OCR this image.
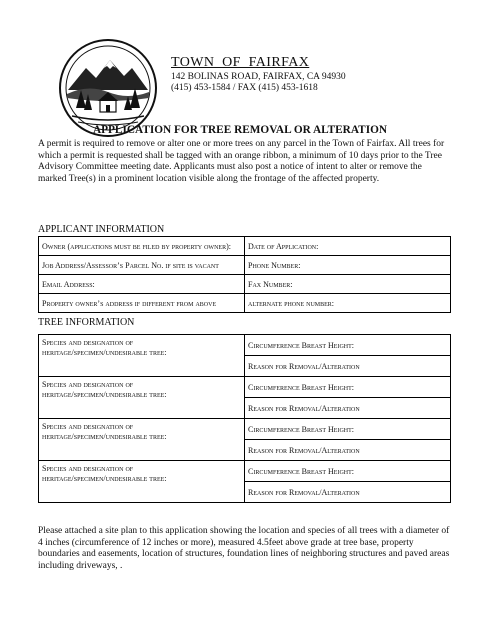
TOWN  OF  FAIRFAX
142 BOLINAS ROAD, FAIRFAX, CA 94930
(415) 453-1584 / FAX (415) 453-1618
APPLICATION FOR TREE REMOVAL OR ALTERATION
A permit is required to remove or alter one or more trees on any parcel in the Town of Fairfax. All trees for which a permit is requested shall be tagged with an orange ribbon, a minimum of 10 days prior to the Tree Advisory Committee meeting date. Applicants must also post a notice of intent to alter or remove the marked Tree(s) in a prominent location visible along the frontage of the affected property.
APPLICANT INFORMATION
Owner (applications must be filed by property owner):	Date of Application:
Job Address/Assessor’s Parcel No. if site is vacant	Phone Number:
Email Address:	Fax Number:
Property owner’s address if different from above	alternate phone number:
TREE INFORMATION
Species and designation of
heritage/specimen/undesirable tree:	Circumference Breast Height:
	Reason for Removal/Alteration

Species and designation of
heritage/specimen/undesirable tree:	Circumference Breast Height:
	Reason for Removal/Alteration

Species and designation of
heritage/specimen/undesirable tree:	Circumference Breast Height:
	Reason for Removal/Alteration

Species and designation of
heritage/specimen/undesirable tree:	Circumference Breast Height:
	Reason for Removal/Alteration
Please attached a site plan to this application showing the location and species of all trees with a diameter of 4 inches (circumference of 12 inches or more), measured 4.5feet above grade at tree base, property boundaries and easements, location of structures, foundation lines of neighboring structures and paved areas including driveways, .
